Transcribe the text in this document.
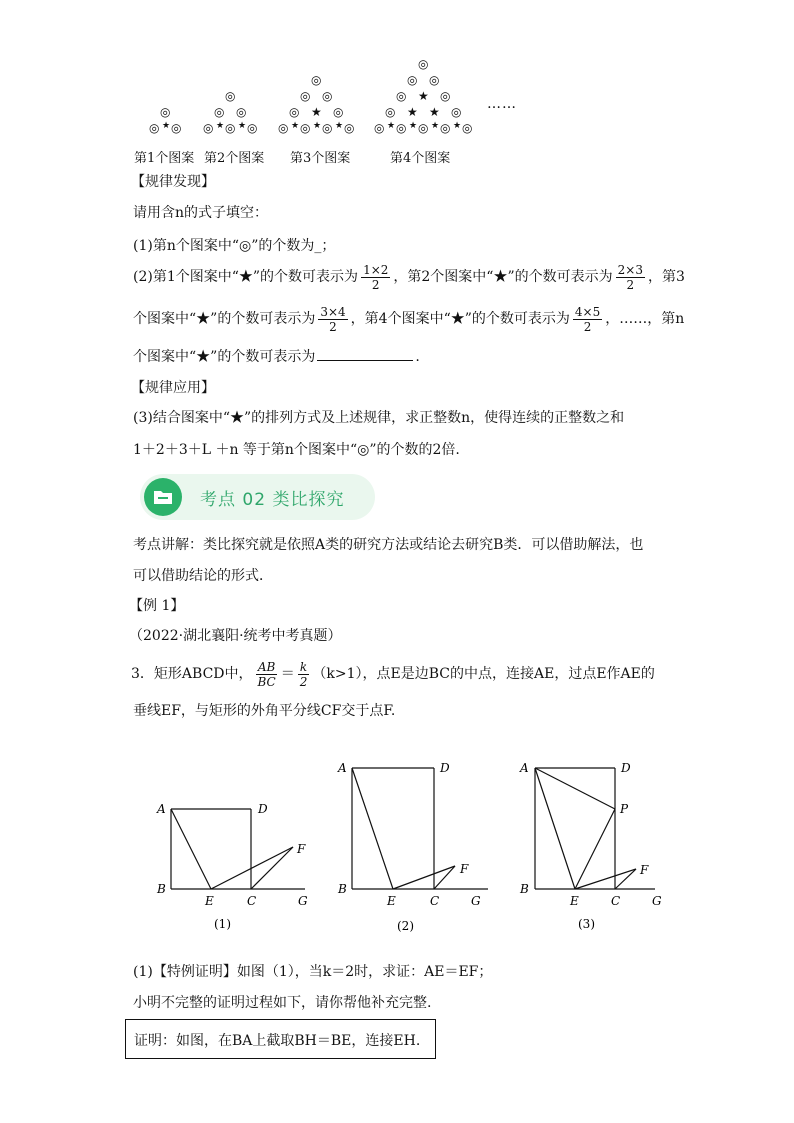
◎
◎ ◎
★
◎
◎ ◎
◎ ◎ ◎
★ ★
◎
◎ ◎
◎ ★ ◎
◎ ◎ ◎ ◎
★ ★ ★
◎
◎ ◎
◎ ★ ◎
◎ ★ ★ ◎
◎ ◎ ◎ ◎ ◎
★ ★ ★ ★
……
第1个图案 第2个图案 第3个图案	第4个图案
【规律发现】
请用含n的式子填空：
(1)第n个图案中“◎”的个数为_；
(2)第1个图案中“★”的个数可表示为 $\frac{1\times 2}{2}$ ，第2个图案中“★”的个数可表示为 $\frac{2\times 3}{2}$ ，第3
个图案中“★”的个数可表示为 $\frac{3\times 4}{2}$ ，第4个图案中“★”的个数可表示为 $\frac{4\times 5}{2}$ ，……，第n
个图案中“★”的个数可表示为	.
【规律应用】
(3)结合图案中“★”的排列方式及上述规律，求正整数n，使得连续的正整数之和
1＋2＋3＋L ＋n 等于第n个图案中“◎”的个数的2倍.
考点 02 类比探究
考点讲解：类比探究就是依照A类的研究方法或结论去研究B类．可以借助解法，也
可以借助结论的形式．
【例 1】
（2022·湖北襄阳·统考中考真题）
3．矩形ABCD中， $\frac{AB}{BC} = \frac{k}{2} (k>1)$，点E是边BC的中点，连接AE，过点E作AE的
垂线EF，与矩形的外角平分线CF交于点F.
A	D
B
E	C	G
F
(1)
A	D
B
E	C	G
F
(2)
A	D
P
B
E	C	G
F
(3)
(1)【特例证明】如图（1），当k＝2时，求证：AE＝EF；
小明不完整的证明过程如下，请你帮他补充完整.
证明：如图，在BA上截取BH＝BE，连接EH.
